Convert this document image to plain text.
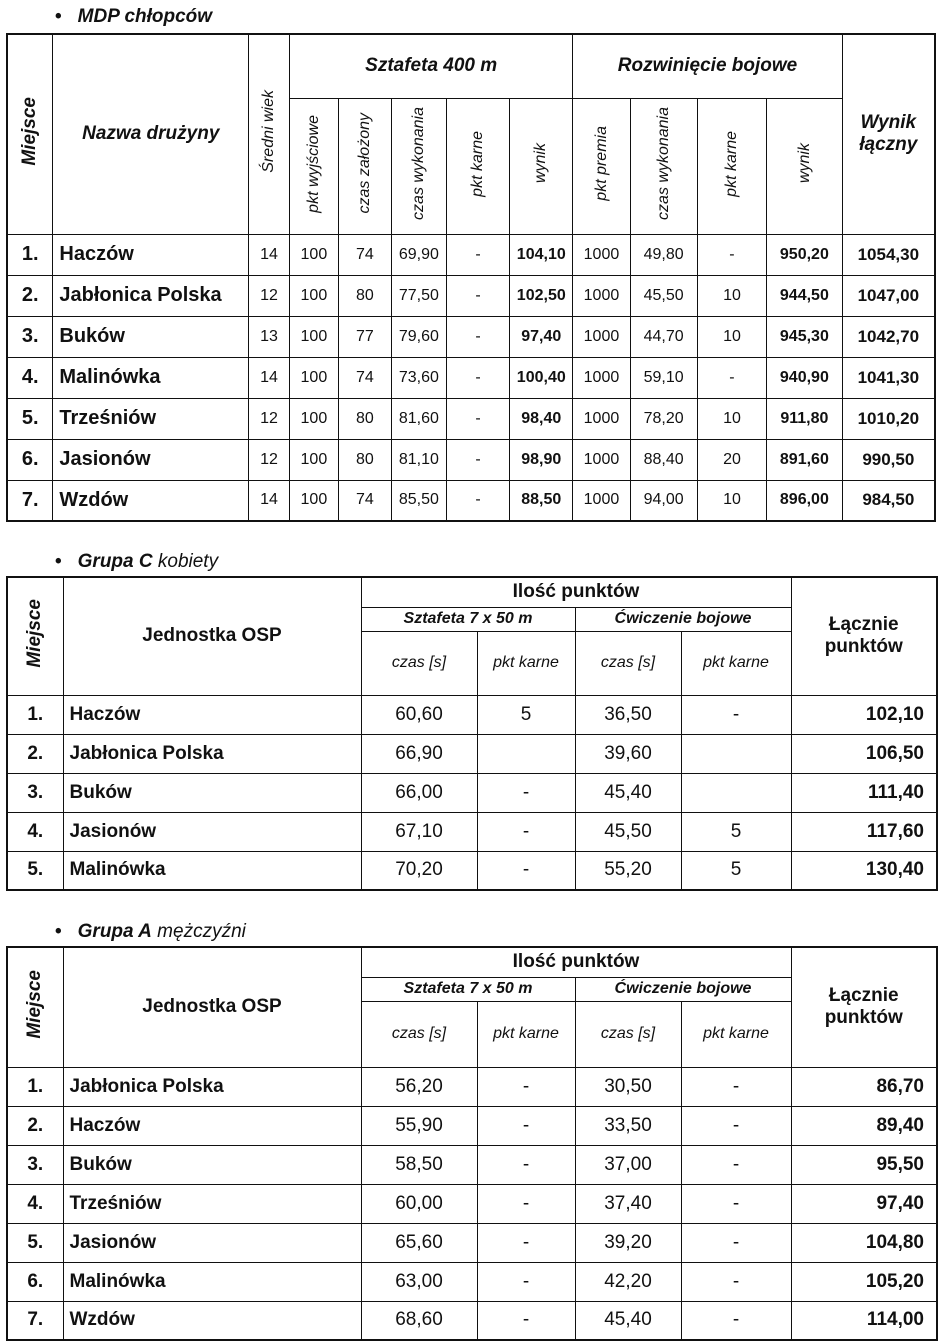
• MDP chłopców
Miejsce	Nazwa drużyny	Średni wiek	Sztafeta 400 m					Rozwinięcie bojowe				Wynik łączny
			pkt wyjściowe	czas założony	czas wykonania	pkt karne	wynik	pkt premia	czas wykonania	pkt karne	wynik	
1.	Haczów	14	100	74	69,90	-	104,10	1000	49,80	-	950,20	1054,30
2.	Jabłonica Polska	12	100	80	77,50	-	102,50	1000	45,50	10	944,50	1047,00
3.	Buków	13	100	77	79,60	-	97,40	1000	44,70	10	945,30	1042,70
4.	Malinówka	14	100	74	73,60	-	100,40	1000	59,10	-	940,90	1041,30
5.	Trześniów	12	100	80	81,60	-	98,40	1000	78,20	10	911,80	1010,20
6.	Jasionów	12	100	80	81,10	-	98,90	1000	88,40	20	891,60	990,50
7.	Wzdów	14	100	74	85,50	-	88,50	1000	94,00	10	896,00	984,50
• Grupa C kobiety
Miejsce	Jednostka OSP	Ilość punktów				Łącznie punktów
		Sztafeta 7 x 50 m		Ćwiczenie bojowe		
		czas [s]	pkt karne	czas [s]	pkt karne	
1.	Haczów	60,60	5	36,50	-	102,10
2.	Jabłonica Polska	66,90		39,60		106,50
3.	Buków	66,00	-	45,40		111,40
4.	Jasionów	67,10	-	45,50	5	117,60
5.	Malinówka	70,20	-	55,20	5	130,40
• Grupa A mężczyźni
Miejsce	Jednostka OSP	Ilość punktów				Łącznie punktów
		Sztafeta 7 x 50 m		Ćwiczenie bojowe		
		czas [s]	pkt karne	czas [s]	pkt karne	
1.	Jabłonica Polska	56,20	-	30,50	-	86,70
2.	Haczów	55,90	-	33,50	-	89,40
3.	Buków	58,50	-	37,00	-	95,50
4.	Trześniów	60,00	-	37,40	-	97,40
5.	Jasionów	65,60	-	39,20	-	104,80
6.	Malinówka	63,00	-	42,20	-	105,20
7.	Wzdów	68,60	-	45,40	-	114,00
